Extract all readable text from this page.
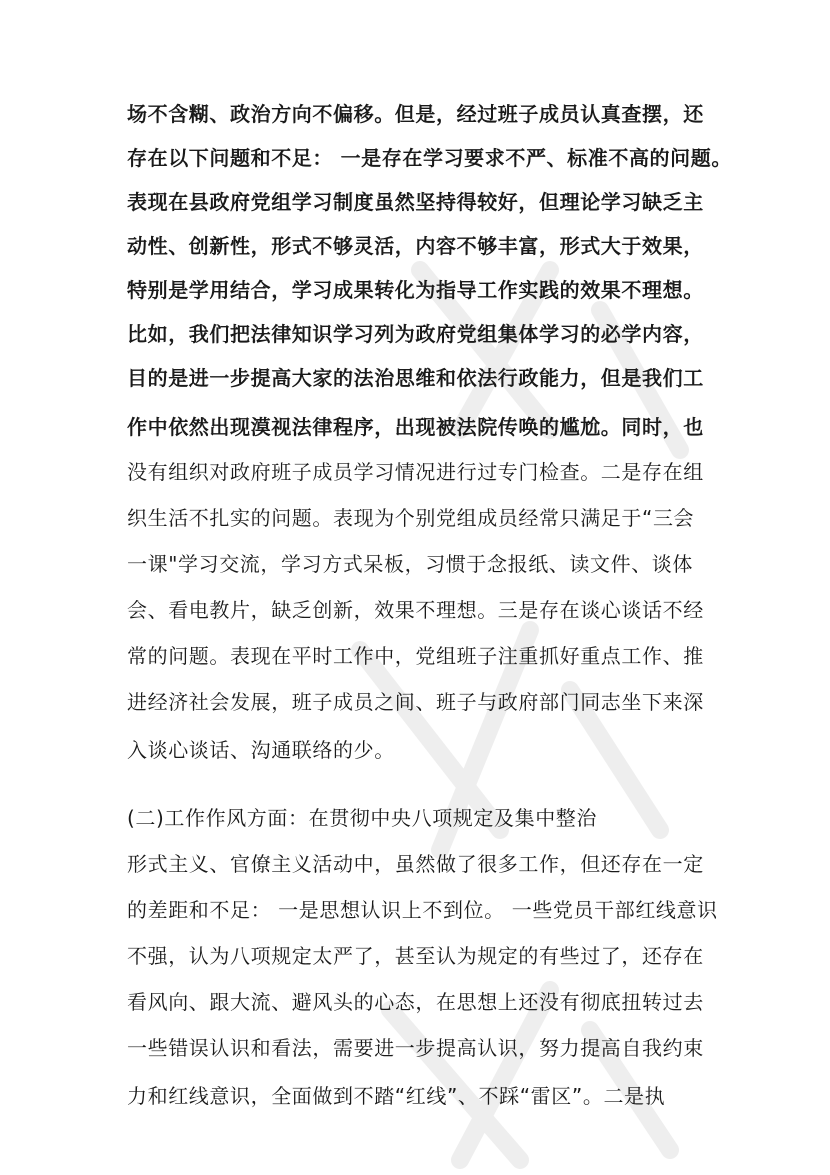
场不含糊、政治方向不偏移。但是，经过班子成员认真查摆，还
存在以下问题和不足： 一是存在学习要求不严、标准不高的问题。
表现在县政府党组学习制度虽然坚持得较好，但理论学习缺乏主
动性、创新性，形式不够灵活，内容不够丰富，形式大于效果，
特别是学用结合，学习成果转化为指导工作实践的效果不理想。
比如，我们把法律知识学习列为政府党组集体学习的必学内容，
目的是进一步提高大家的法治思维和依法行政能力，但是我们工
作中依然出现漠视法律程序，出现被法院传唤的尴尬。同时，也
没有组织对政府班子成员学习情况进行过专门检查。二是存在组
织生活不扎实的问题。表现为个别党组成员经常只满足于“三会
一课"学习交流，学习方式呆板，习惯于念报纸、读文件、谈体
会、看电教片，缺乏创新，效果不理想。三是存在谈心谈话不经
常的问题。表现在平时工作中，党组班子注重抓好重点工作、推
进经济社会发展，班子成员之间、班子与政府部门同志坐下来深
入谈心谈话、沟通联络的少。
(二)工作作风方面：在贯彻中央八项规定及集中整治
形式主义、官僚主义活动中，虽然做了很多工作，但还存在一定
的差距和不足： 一是思想认识上不到位。 一些党员干部红线意识
不强，认为八项规定太严了，甚至认为规定的有些过了，还存在
看风向、跟大流、避风头的心态，在思想上还没有彻底扭转过去
一些错误认识和看法，需要进一步提高认识，努力提高自我约束
力和红线意识，全面做到不踏“红线”、不踩“雷区”。二是执
